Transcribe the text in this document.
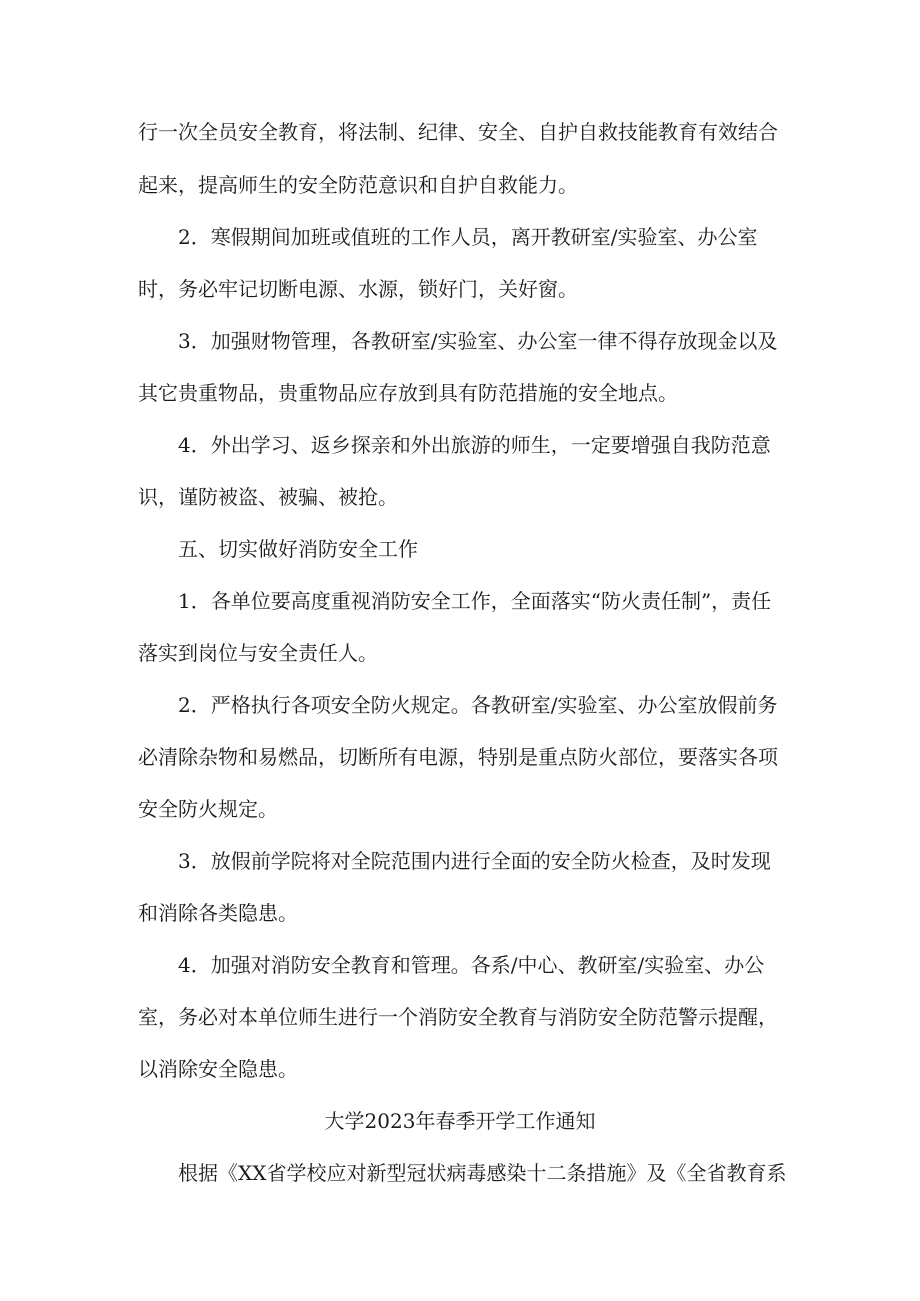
行一次全员安全教育，将法制、纪律、安全、自护自救技能教育有效结合
起来，提高师生的安全防范意识和自护自救能力。
2．寒假期间加班或值班的工作人员，离开教研室/实验室、办公室
时，务必牢记切断电源、水源，锁好门，关好窗。
3．加强财物管理，各教研室/实验室、办公室一律不得存放现金以及
其它贵重物品，贵重物品应存放到具有防范措施的安全地点。
4．外出学习、返乡探亲和外出旅游的师生，一定要增强自我防范意
识，谨防被盗、被骗、被抢。
五、切实做好消防安全工作
1．各单位要高度重视消防安全工作，全面落实“防火责任制”，责任
落实到岗位与安全责任人。
2．严格执行各项安全防火规定。各教研室/实验室、办公室放假前务
必清除杂物和易燃品，切断所有电源，特别是重点防火部位，要落实各项
安全防火规定。
3．放假前学院将对全院范围内进行全面的安全防火检查，及时发现
和消除各类隐患。
4．加强对消防安全教育和管理。各系/中心、教研室/实验室、办公
室，务必对本单位师生进行一个消防安全教育与消防安全防范警示提醒，
以消除安全隐患。
大学2023年春季开学工作通知
根据《XX省学校应对新型冠状病毒感染十二条措施》及《全省教育系
